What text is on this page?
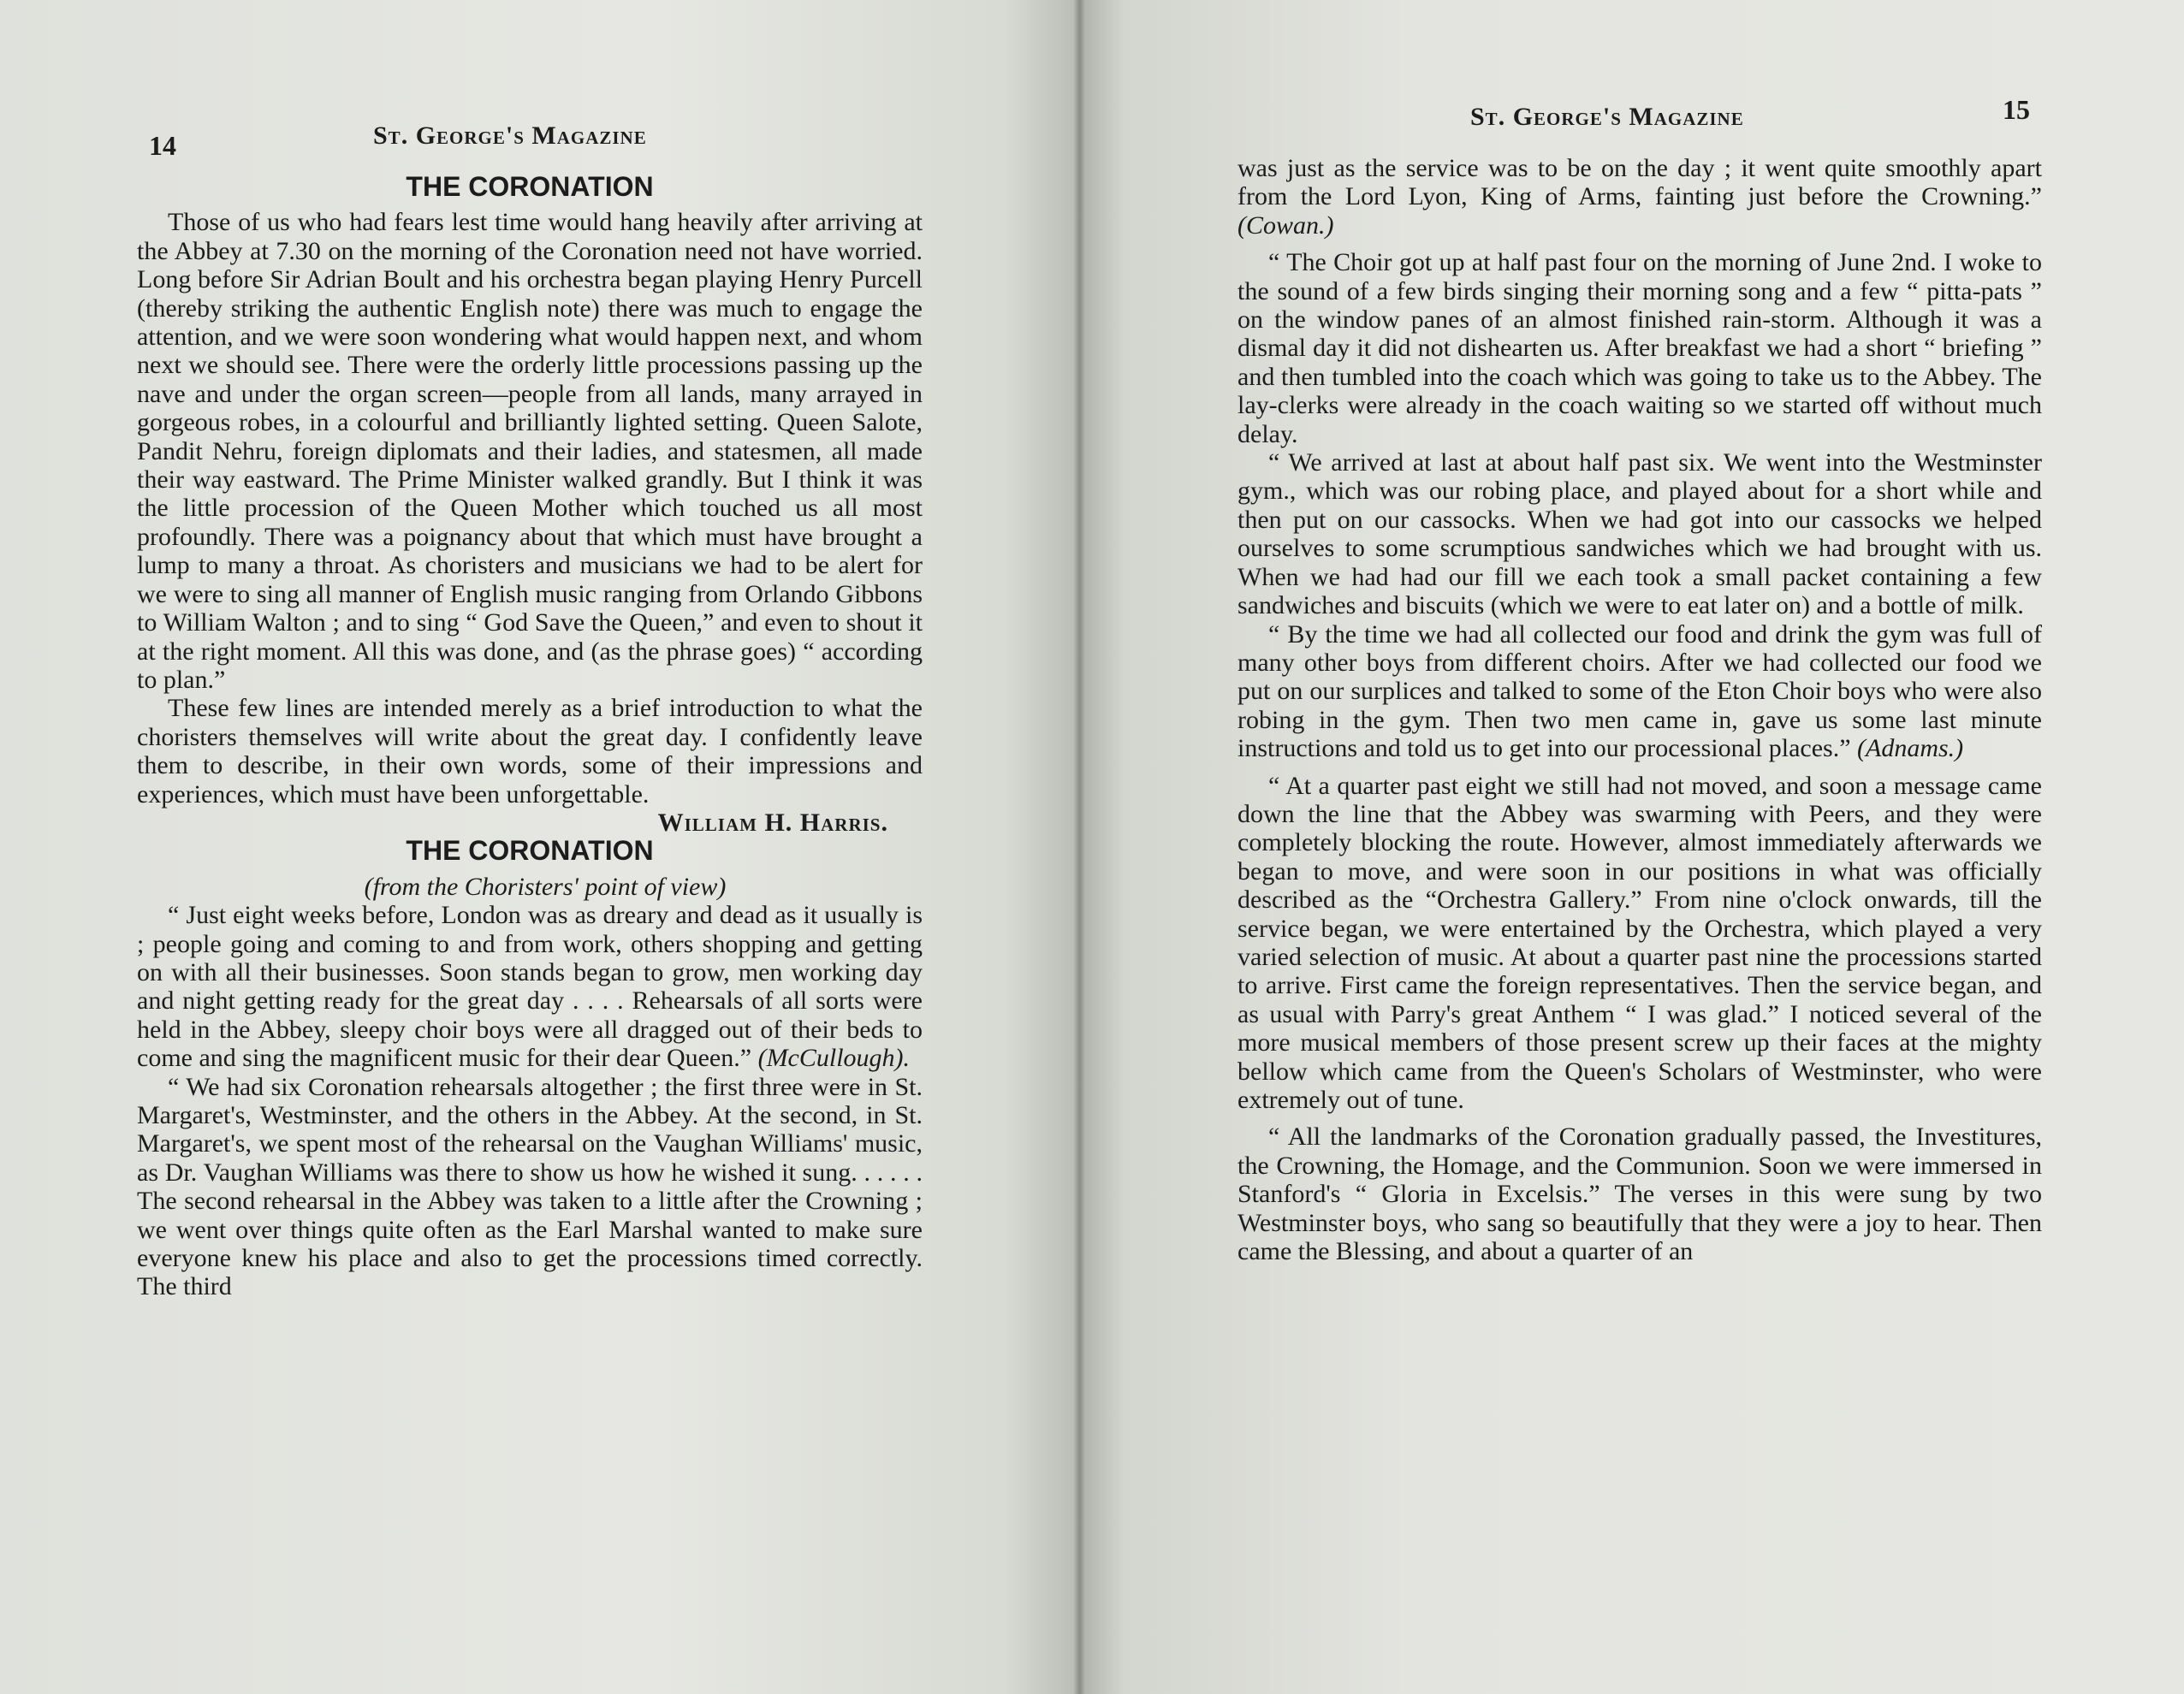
14	St. George's Magazine
THE CORONATION

Those of us who had fears lest time would hang heavily after arriving at the Abbey at 7.30 on the morning of the Coronation need not have worried. Long before Sir Adrian Boult and his orchestra began playing Henry Purcell (thereby striking the authentic English note) there was much to engage the attention, and we were soon wondering what would happen next, and whom next we should see. There were the orderly little processions passing up the nave and under the organ screen—people from all lands, many arrayed in gorgeous robes, in a colourful and brilliantly lighted setting. Queen Salote, Pandit Nehru, foreign diplomats and their ladies, and statesmen, all made their way eastward. The Prime Minister walked grandly. But I think it was the little procession of the Queen Mother which touched us all most profoundly. There was a poignancy about that which must have brought a lump to many a throat. As choristers and musicians we had to be alert for we were to sing all manner of English music ranging from Orlando Gibbons to William Walton ; and to sing “ God Save the Queen,” and even to shout it at the right moment. All this was done, and (as the phrase goes) “ according to plan.”

These few lines are intended merely as a brief introduction to what the choristers themselves will write about the great day. I confidently leave them to describe, in their own words, some of their impressions and experiences, which must have been unforgettable.

William H. Harris.

THE CORONATION

(from the Choristers' point of view)

“ Just eight weeks before, London was as dreary and dead as it usually is ; people going and coming to and from work, others shopping and getting on with all their businesses. Soon stands began to grow, men working day and night getting ready for the great day . . . . Rehearsals of all sorts were held in the Abbey, sleepy choir boys were all dragged out of their beds to come and sing the magnificent music for their dear Queen.” (McCullough).

“ We had six Coronation rehearsals altogether ; the first three were in St. Margaret's, Westminster, and the others in the Abbey. At the second, in St. Margaret's, we spent most of the rehearsal on the Vaughan Williams' music, as Dr. Vaughan Williams was there to show us how he wished it sung. . . . . . The second rehearsal in the Abbey was taken to a little after the Crowning ; we went over things quite often as the Earl Marshal wanted to make sure everyone knew his place and also to get the processions timed correctly. The third

St. George's Magazine	15

was just as the service was to be on the day ; it went quite smoothly apart from the Lord Lyon, King of Arms, fainting just before the Crowning.” (Cowan.)

“ The Choir got up at half past four on the morning of June 2nd. I woke to the sound of a few birds singing their morning song and a few “ pitta-pats ” on the window panes of an almost finished rain-storm. Although it was a dismal day it did not dishearten us. After breakfast we had a short “ briefing ” and then tumbled into the coach which was going to take us to the Abbey. The lay-clerks were already in the coach waiting so we started off without much delay.

“ We arrived at last at about half past six. We went into the Westminster gym., which was our robing place, and played about for a short while and then put on our cassocks. When we had got into our cassocks we helped ourselves to some scrumptious sandwiches which we had brought with us. When we had had our fill we each took a small packet containing a few sandwiches and biscuits (which we were to eat later on) and a bottle of milk.

“ By the time we had all collected our food and drink the gym was full of many other boys from different choirs. After we had collected our food we put on our surplices and talked to some of the Eton Choir boys who were also robing in the gym. Then two men came in, gave us some last minute instructions and told us to get into our processional places.” (Adnams.)

“ At a quarter past eight we still had not moved, and soon a message came down the line that the Abbey was swarming with Peers, and they were completely blocking the route. However, almost immediately afterwards we began to move, and were soon in our positions in what was officially described as the “Orchestra Gallery.” From nine o'clock onwards, till the service began, we were entertained by the Orchestra, which played a very varied selection of music. At about a quarter past nine the processions started to arrive. First came the foreign representatives. Then the service began, and as usual with Parry's great Anthem “ I was glad.” I noticed several of the more musical members of those present screw up their faces at the mighty bellow which came from the Queen's Scholars of Westminster, who were extremely out of tune.

“ All the landmarks of the Coronation gradually passed, the Investitures, the Crowning, the Homage, and the Communion. Soon we were immersed in Stanford's “ Gloria in Excelsis.” The verses in this were sung by two Westminster boys, who sang so beautifully that they were a joy to hear. Then came the Blessing, and about a quarter of an
